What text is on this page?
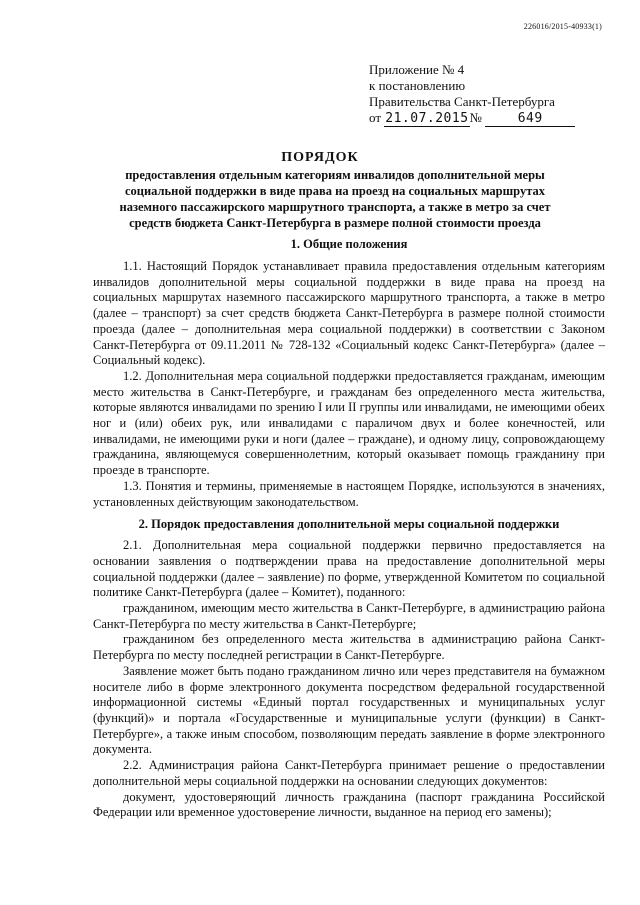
226016/2015-40933(1)
Приложение № 4
к постановлению
Правительства Санкт-Петербурга
от 21.07.2015№	649
ПОРЯДОК
предоставления отдельным категориям инвалидов дополнительной меры социальной поддержки в виде права на проезд на социальных маршрутах наземного пассажирского маршрутного транспорта, а также в метро за счет средств бюджета Санкт-Петербурга в размере полной стоимости проезда
1. Общие положения

1.1. Настоящий Порядок устанавливает правила предоставления отдельным категориям инвалидов дополнительной меры социальной поддержки в виде права на проезд на социальных маршрутах наземного пассажирского маршрутного транспорта, а также в метро (далее – транспорт) за счет средств бюджета Санкт-Петербурга в размере полной стоимости проезда (далее – дополнительная мера социальной поддержки) в соответствии с Законом Санкт-Петербурга от 09.11.2011 № 728-132 «Социальный кодекс Санкт-Петербурга» (далее – Социальный кодекс).

1.2. Дополнительная мера социальной поддержки предоставляется гражданам, имеющим место жительства в Санкт-Петербурге, и гражданам без определенного места жительства, которые являются инвалидами по зрению I или II группы или инвалидами, не имеющими обеих ног и (или) обеих рук, или инвалидами с параличом двух и более конечностей, или инвалидами, не имеющими руки и ноги (далее – граждане), и одному лицу, сопровождающему гражданина, являющемуся совершеннолетним, который оказывает помощь гражданину при проезде в транспорте.

1.3. Понятия и термины, применяемые в настоящем Порядке, используются в значениях, установленных действующим законодательством.

2. Порядок предоставления дополнительной меры социальной поддержки

2.1. Дополнительная мера социальной поддержки первично предоставляется на основании заявления о подтверждении права на предоставление дополнительной меры социальной поддержки (далее – заявление) по форме, утвержденной Комитетом по социальной политике Санкт-Петербурга (далее – Комитет), поданного:

гражданином, имеющим место жительства в Санкт-Петербурге, в администрацию района Санкт-Петербурга по месту жительства в Санкт-Петербурге;

гражданином без определенного места жительства в администрацию района Санкт-Петербурга по месту последней регистрации в Санкт-Петербурге.

Заявление может быть подано гражданином лично или через представителя на бумажном носителе либо в форме электронного документа посредством федеральной государственной информационной системы «Единый портал государственных и муниципальных услуг (функций)» и портала «Государственные и муниципальные услуги (функции) в Санкт-Петербурге», а также иным способом, позволяющим передать заявление в форме электронного документа.

2.2. Администрация района Санкт-Петербурга принимает решение о предоставлении дополнительной меры социальной поддержки на основании следующих документов:

документ, удостоверяющий личность гражданина (паспорт гражданина Российской Федерации или временное удостоверение личности, выданное на период его замены);
